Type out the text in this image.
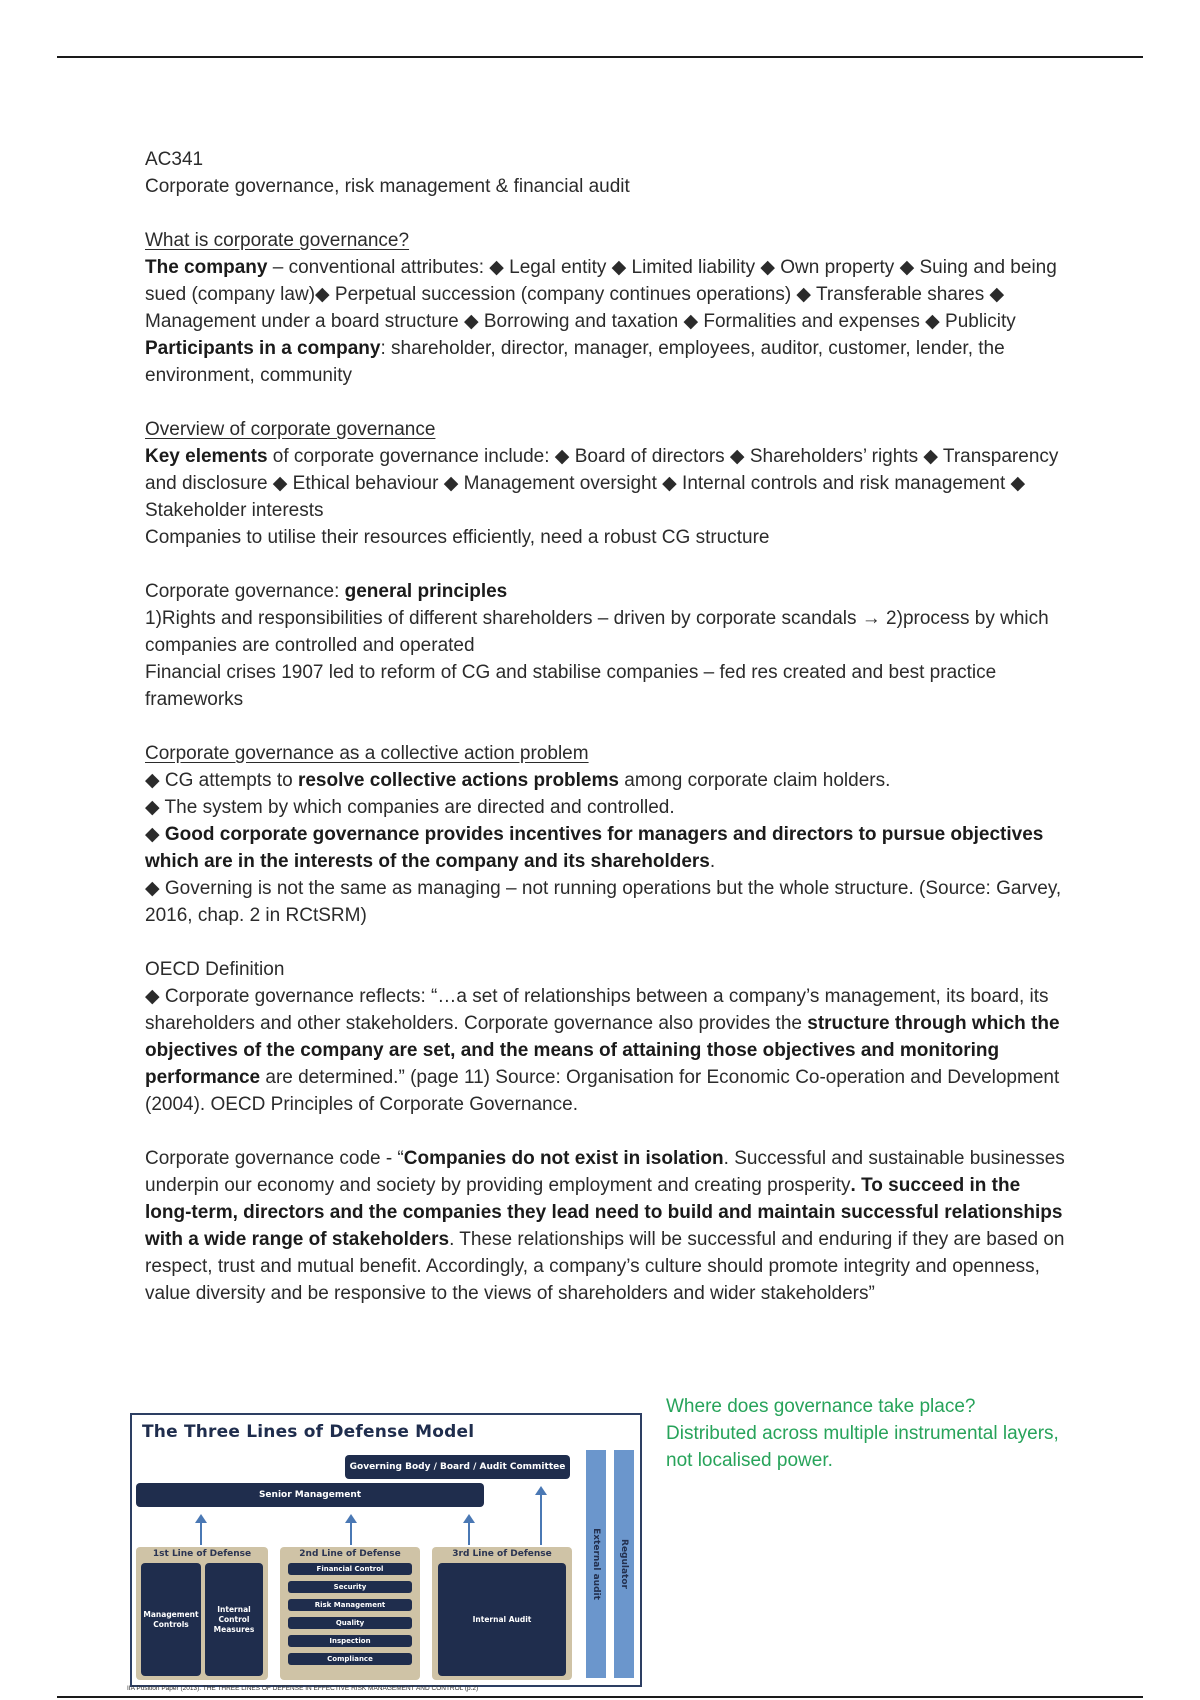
AC341

Corporate governance, risk management & financial audit

What is corporate governance?

The company – conventional attributes: ◆ Legal entity ◆ Limited liability ◆ Own property ◆ Suing and being sued (company law)◆ Perpetual succession (company continues operations) ◆ Transferable shares ◆ Management under a board structure ◆ Borrowing and taxation ◆ Formalities and expenses ◆ Publicity

Participants in a company: shareholder, director, manager, employees, auditor, customer, lender, the environment, community

Overview of corporate governance

Key elements of corporate governance include: ◆ Board of directors ◆ Shareholders’ rights ◆ Transparency and disclosure ◆ Ethical behaviour ◆ Management oversight ◆ Internal controls and risk management ◆ Stakeholder interests

Companies to utilise their resources efficiently, need a robust CG structure

Corporate governance: general principles

1)Rights and responsibilities of different shareholders – driven by corporate scandals → 2)process by which companies are controlled and operated

Financial crises 1907 led to reform of CG and stabilise companies – fed res created and best practice frameworks

Corporate governance as a collective action problem

◆ CG attempts to resolve collective actions problems among corporate claim holders.

◆ The system by which companies are directed and controlled.

◆ Good corporate governance provides incentives for managers and directors to pursue objectives which are in the interests of the company and its shareholders.

◆ Governing is not the same as managing – not running operations but the whole structure. (Source: Garvey, 2016, chap. 2 in RCtSRM)

OECD Definition

◆ Corporate governance reflects: “…a set of relationships between a company’s management, its board, its shareholders and other stakeholders. Corporate governance also provides the structure through which the objectives of the company are set, and the means of attaining those objectives and monitoring performance are determined.” (page 11) Source: Organisation for Economic Co-operation and Development (2004). OECD Principles of Corporate Governance.

Corporate governance code - “Companies do not exist in isolation. Successful and sustainable businesses underpin our economy and society by providing employment and creating prosperity. To succeed in the long-term, directors and the companies they lead need to build and maintain successful relationships with a wide range of stakeholders. These relationships will be successful and enduring if they are based on respect, trust and mutual benefit. Accordingly, a company’s culture should promote integrity and openness, value diversity and be responsive to the views of shareholders and wider stakeholders”

Where does governance take place?

Distributed across multiple instrumental layers, not localised power.

The Three Lines of Defense Model
Governing Body / Board / Audit Committee
Senior Management
1st Line of Defense
Management Controls
Internal Control Measures
2nd Line of Defense
Financial Control
Security
Risk Management
Quality
Inspection
Compliance
3rd Line of Defense
Internal Audit
External audit Regulator
IIA Position Paper (2013). THE THREE LINES OF DEFENSE IN EFFECTIVE RISK MANAGEMENT AND CONTROL (p.2)
